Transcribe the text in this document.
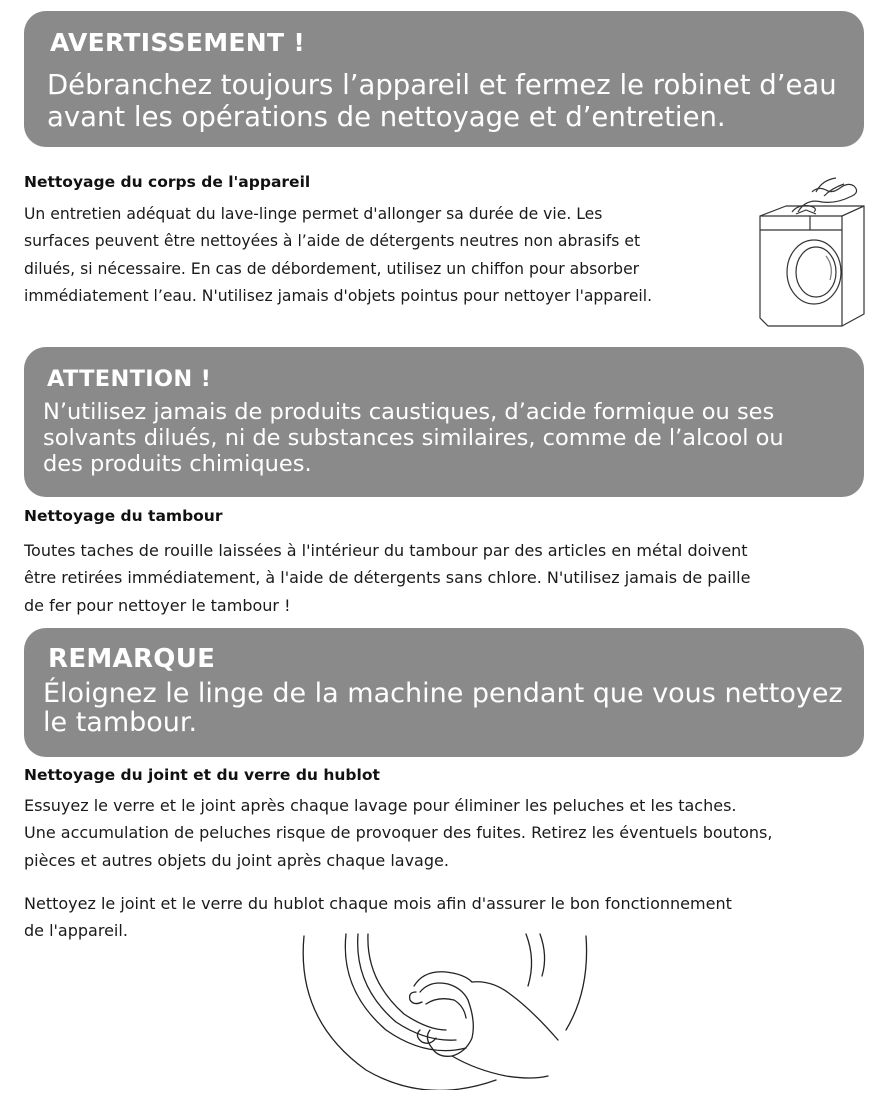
AVERTISSEMENT !
Débranchez toujours l’appareil et fermez le robinet d’eau
avant les opérations de nettoyage et d’entretien.
Nettoyage du corps de l'appareil
Un entretien adéquat du lave-linge permet d'allonger sa durée de vie. Les
surfaces peuvent être nettoyées à l’aide de détergents neutres non abrasifs et
dilués, si nécessaire. En cas de débordement, utilisez un chiffon pour absorber
immédiatement l’eau. N'utilisez jamais d'objets pointus pour nettoyer l'appareil.
ATTENTION !
N’utilisez jamais de produits caustiques, d’acide formique ou ses
solvants dilués, ni de substances similaires, comme de l’alcool ou
des produits chimiques.
Nettoyage du tambour
Toutes taches de rouille laissées à l'intérieur du tambour par des articles en métal doivent
être retirées immédiatement, à l'aide de détergents sans chlore. N'utilisez jamais de paille
de fer pour nettoyer le tambour !
REMARQUE
Éloignez le linge de la machine pendant que vous nettoyez
le tambour.
Nettoyage du joint et du verre du hublot
Essuyez le verre et le joint après chaque lavage pour éliminer les peluches et les taches.
Une accumulation de peluches risque de provoquer des fuites. Retirez les éventuels boutons,
pièces et autres objets du joint après chaque lavage.
Nettoyez le joint et le verre du hublot chaque mois afin d'assurer le bon fonctionnement
de l'appareil.
